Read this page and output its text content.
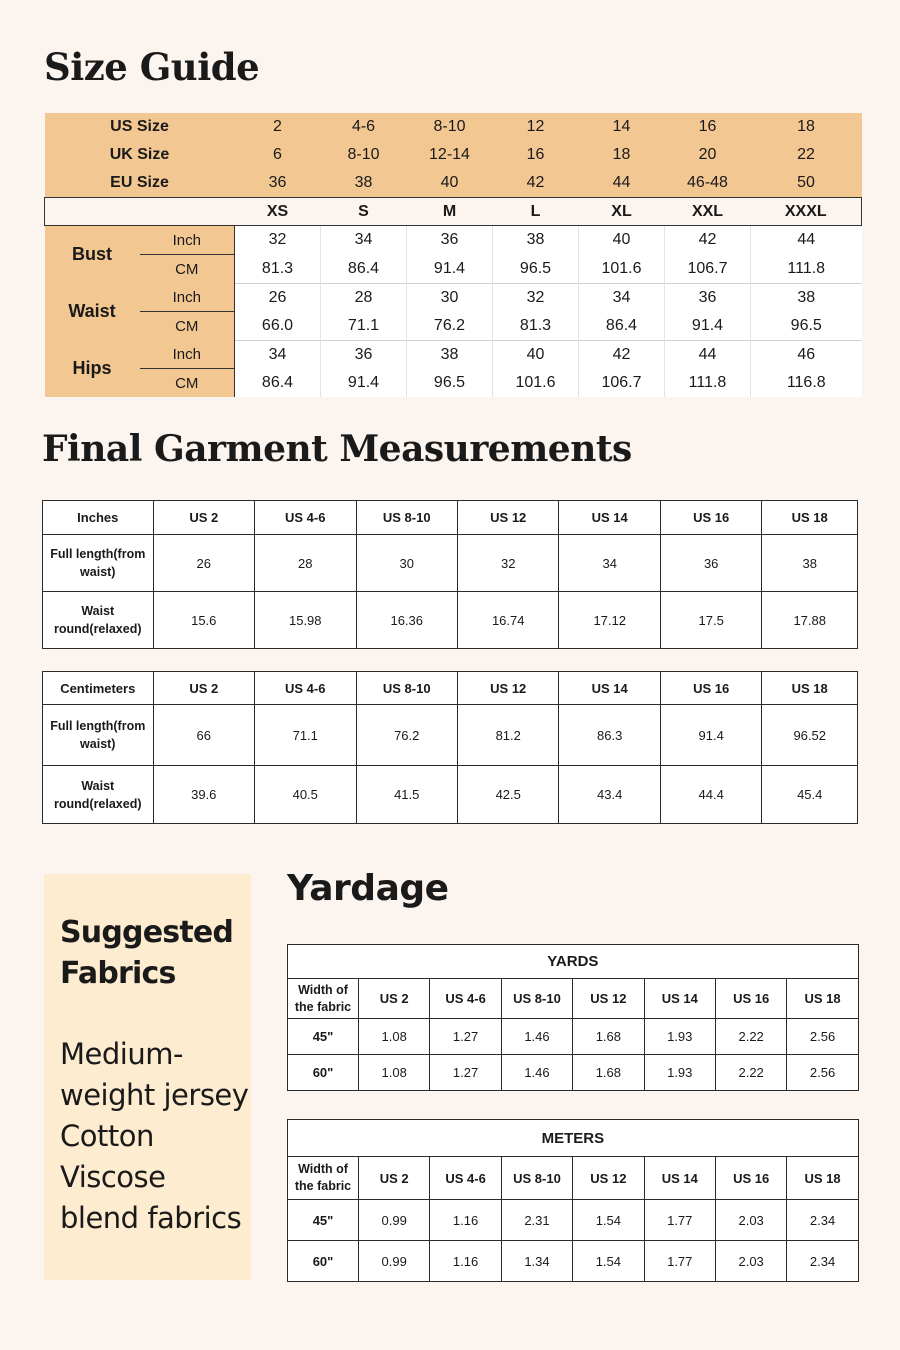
Size Guide
US Size		2	4-6	8-10	12	14	16	18
UK Size		6	8-10	12-14	16	18	20	22
EU Size		36	38	40	42	44	46-48	50
		XS	S	M	L	XL	XXL	XXXL
Bust	Inch	32	34	36	38	40	42	44
	CM	81.3	86.4	91.4	96.5	101.6	106.7	111.8
Waist	Inch	26	28	30	32	34	36	38
	CM	66.0	71.1	76.2	81.3	86.4	91.4	96.5
Hips	Inch	34	36	38	40	42	44	46
	CM	86.4	91.4	96.5	101.6	106.7	111.8	116.8
Final Garment Measurements
Inches	US 2	US 4-6	US 8-10	US 12	US 14	US 16	US 18
Full length(from waist)	26	28	30	32	34	36	38
Waist round(relaxed)	15.6	15.98	16.36	16.74	17.12	17.5	17.88
Centimeters	US 2	US 4-6	US 8-10	US 12	US 14	US 16	US 18
Full length(from waist)	66	71.1	76.2	81.2	86.3	91.4	96.52
Waist round(relaxed)	39.6	40.5	41.5	42.5	43.4	44.4	45.4
Suggested Fabrics
Medium-
weight jersey
Cotton
Viscose
blend fabrics
Yardage
YARDS							
Width of the fabric	US 2	US 4-6	US 8-10	US 12	US 14	US 16	US 18
45"	1.08	1.27	1.46	1.68	1.93	2.22	2.56
60"	1.08	1.27	1.46	1.68	1.93	2.22	2.56
METERS							
Width of the fabric	US 2	US 4-6	US 8-10	US 12	US 14	US 16	US 18
45"	0.99	1.16	2.31	1.54	1.77	2.03	2.34
60"	0.99	1.16	1.34	1.54	1.77	2.03	2.34
